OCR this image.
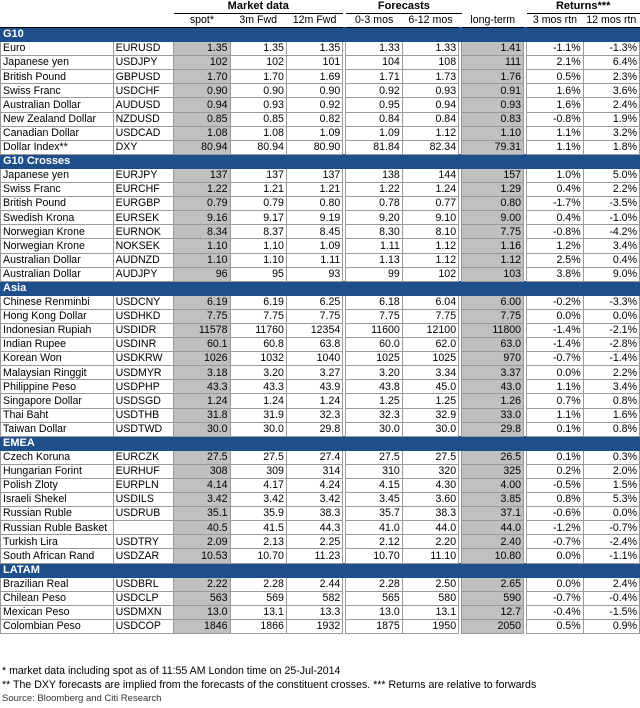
		Market data				Forecasts					Returns***	
		spot*	3m Fwd	12m Fwd		0-3 mos	6-12 mos		long-term		3 mos rtn	12 mos rtn
G10												
Euro	EURUSD	1.35	1.35	1.35		1.33	1.33		1.41		-1.1%	-1.3%
Japanese yen	USDJPY	102	102	101		104	108		111		2.1%	6.4%
British Pound	GBPUSD	1.70	1.70	1.69		1.71	1.73		1.76		0.5%	2.3%
Swiss Franc	USDCHF	0.90	0.90	0.90		0.92	0.93		0.91		1.6%	3.6%
Australian Dollar	AUDUSD	0.94	0.93	0.92		0.95	0.94		0.93		1.6%	2.4%
New Zealand Dollar	NZDUSD	0.85	0.85	0.82		0.84	0.84		0.83		-0.8%	1.9%
Canadian Dollar	USDCAD	1.08	1.08	1.09		1.09	1.12		1.10		1.1%	3.2%
Dollar Index**	DXY	80.94	80.94	80.90		81.84	82.34		79.31		1.1%	1.8%
G10 Crosses												
Japanese yen	EURJPY	137	137	137		138	144		157		1.0%	5.0%
Swiss Franc	EURCHF	1.22	1.21	1.21		1.22	1.24		1.29		0.4%	2.2%
British Pound	EURGBP	0.79	0.79	0.80		0.78	0.77		0.80		-1.7%	-3.5%
Swedish Krona	EURSEK	9.16	9.17	9.19		9.20	9.10		9.00		0.4%	-1.0%
Norwegian Krone	EURNOK	8.34	8.37	8.45		8.30	8.10		7.75		-0.8%	-4.2%
Norwegian Krone	NOKSEK	1.10	1.10	1.09		1.11	1.12		1.16		1.2%	3.4%
Australian Dollar	AUDNZD	1.10	1.10	1.11		1.13	1.12		1.12		2.5%	0.4%
Australian Dollar	AUDJPY	96	95	93		99	102		103		3.8%	9.0%
Asia												
Chinese Renminbi	USDCNY	6.19	6.19	6.25		6.18	6.04		6.00		-0.2%	-3.3%
Hong Kong Dollar	USDHKD	7.75	7.75	7.75		7.75	7.75		7.75		0.0%	0.0%
Indonesian Rupiah	USDIDR	11578	11760	12354		11600	12100		11800		-1.4%	-2.1%
Indian Rupee	USDINR	60.1	60.8	63.8		60.0	62.0		63.0		-1.4%	-2.8%
Korean Won	USDKRW	1026	1032	1040		1025	1025		970		-0.7%	-1.4%
Malaysian Ringgit	USDMYR	3.18	3.20	3.27		3.20	3.34		3.37		0.0%	2.2%
Philippine Peso	USDPHP	43.3	43.3	43.9		43.8	45.0		43.0		1.1%	3.4%
Singapore Dollar	USDSGD	1.24	1.24	1.24		1.25	1.25		1.26		0.7%	0.8%
Thai Baht	USDTHB	31.8	31.9	32.3		32.3	32.9		33.0		1.1%	1.6%
Taiwan Dollar	USDTWD	30.0	30.0	29.8		30.0	30.0		29.8		0.1%	0.8%
EMEA												
Czech Koruna	EURCZK	27.5	27.5	27.4		27.5	27.5		26.5		0.1%	0.3%
Hungarian Forint	EURHUF	308	309	314		310	320		325		0.2%	2.0%
Polish Zloty	EURPLN	4.14	4.17	4.24		4.15	4.30		4.00		-0.5%	1.5%
Israeli Shekel	USDILS	3.42	3.42	3.42		3.45	3.60		3.85		0.8%	5.3%
Russian Ruble	USDRUB	35.1	35.9	38.3		35.7	38.3		37.1		-0.6%	0.0%
Russian Ruble Basket		40.5	41.5	44.3		41.0	44.0		44.0		-1.2%	-0.7%
Turkish Lira	USDTRY	2.09	2.13	2.25		2.12	2.20		2.40		-0.7%	-2.4%
South African Rand	USDZAR	10.53	10.70	11.23		10.70	11.10		10.80		0.0%	-1.1%
LATAM												
Brazilian Real	USDBRL	2.22	2.28	2.44		2.28	2.50		2.65		0.0%	2.4%
Chilean Peso	USDCLP	563	569	582		565	580		590		-0.7%	-0.4%
Mexican Peso	USDMXN	13.0	13.1	13.3		13.0	13.1		12.7		-0.4%	-1.5%
Colombian Peso	USDCOP	1846	1866	1932		1875	1950		2050		0.5%	0.9%
* market data including spot as of 11:55 AM London time on 25-Jul-2014
** The DXY forecasts are implied from the forecasts of the constituent crosses. *** Returns are relative to forwards
Source: Bloomberg and Citi Research
